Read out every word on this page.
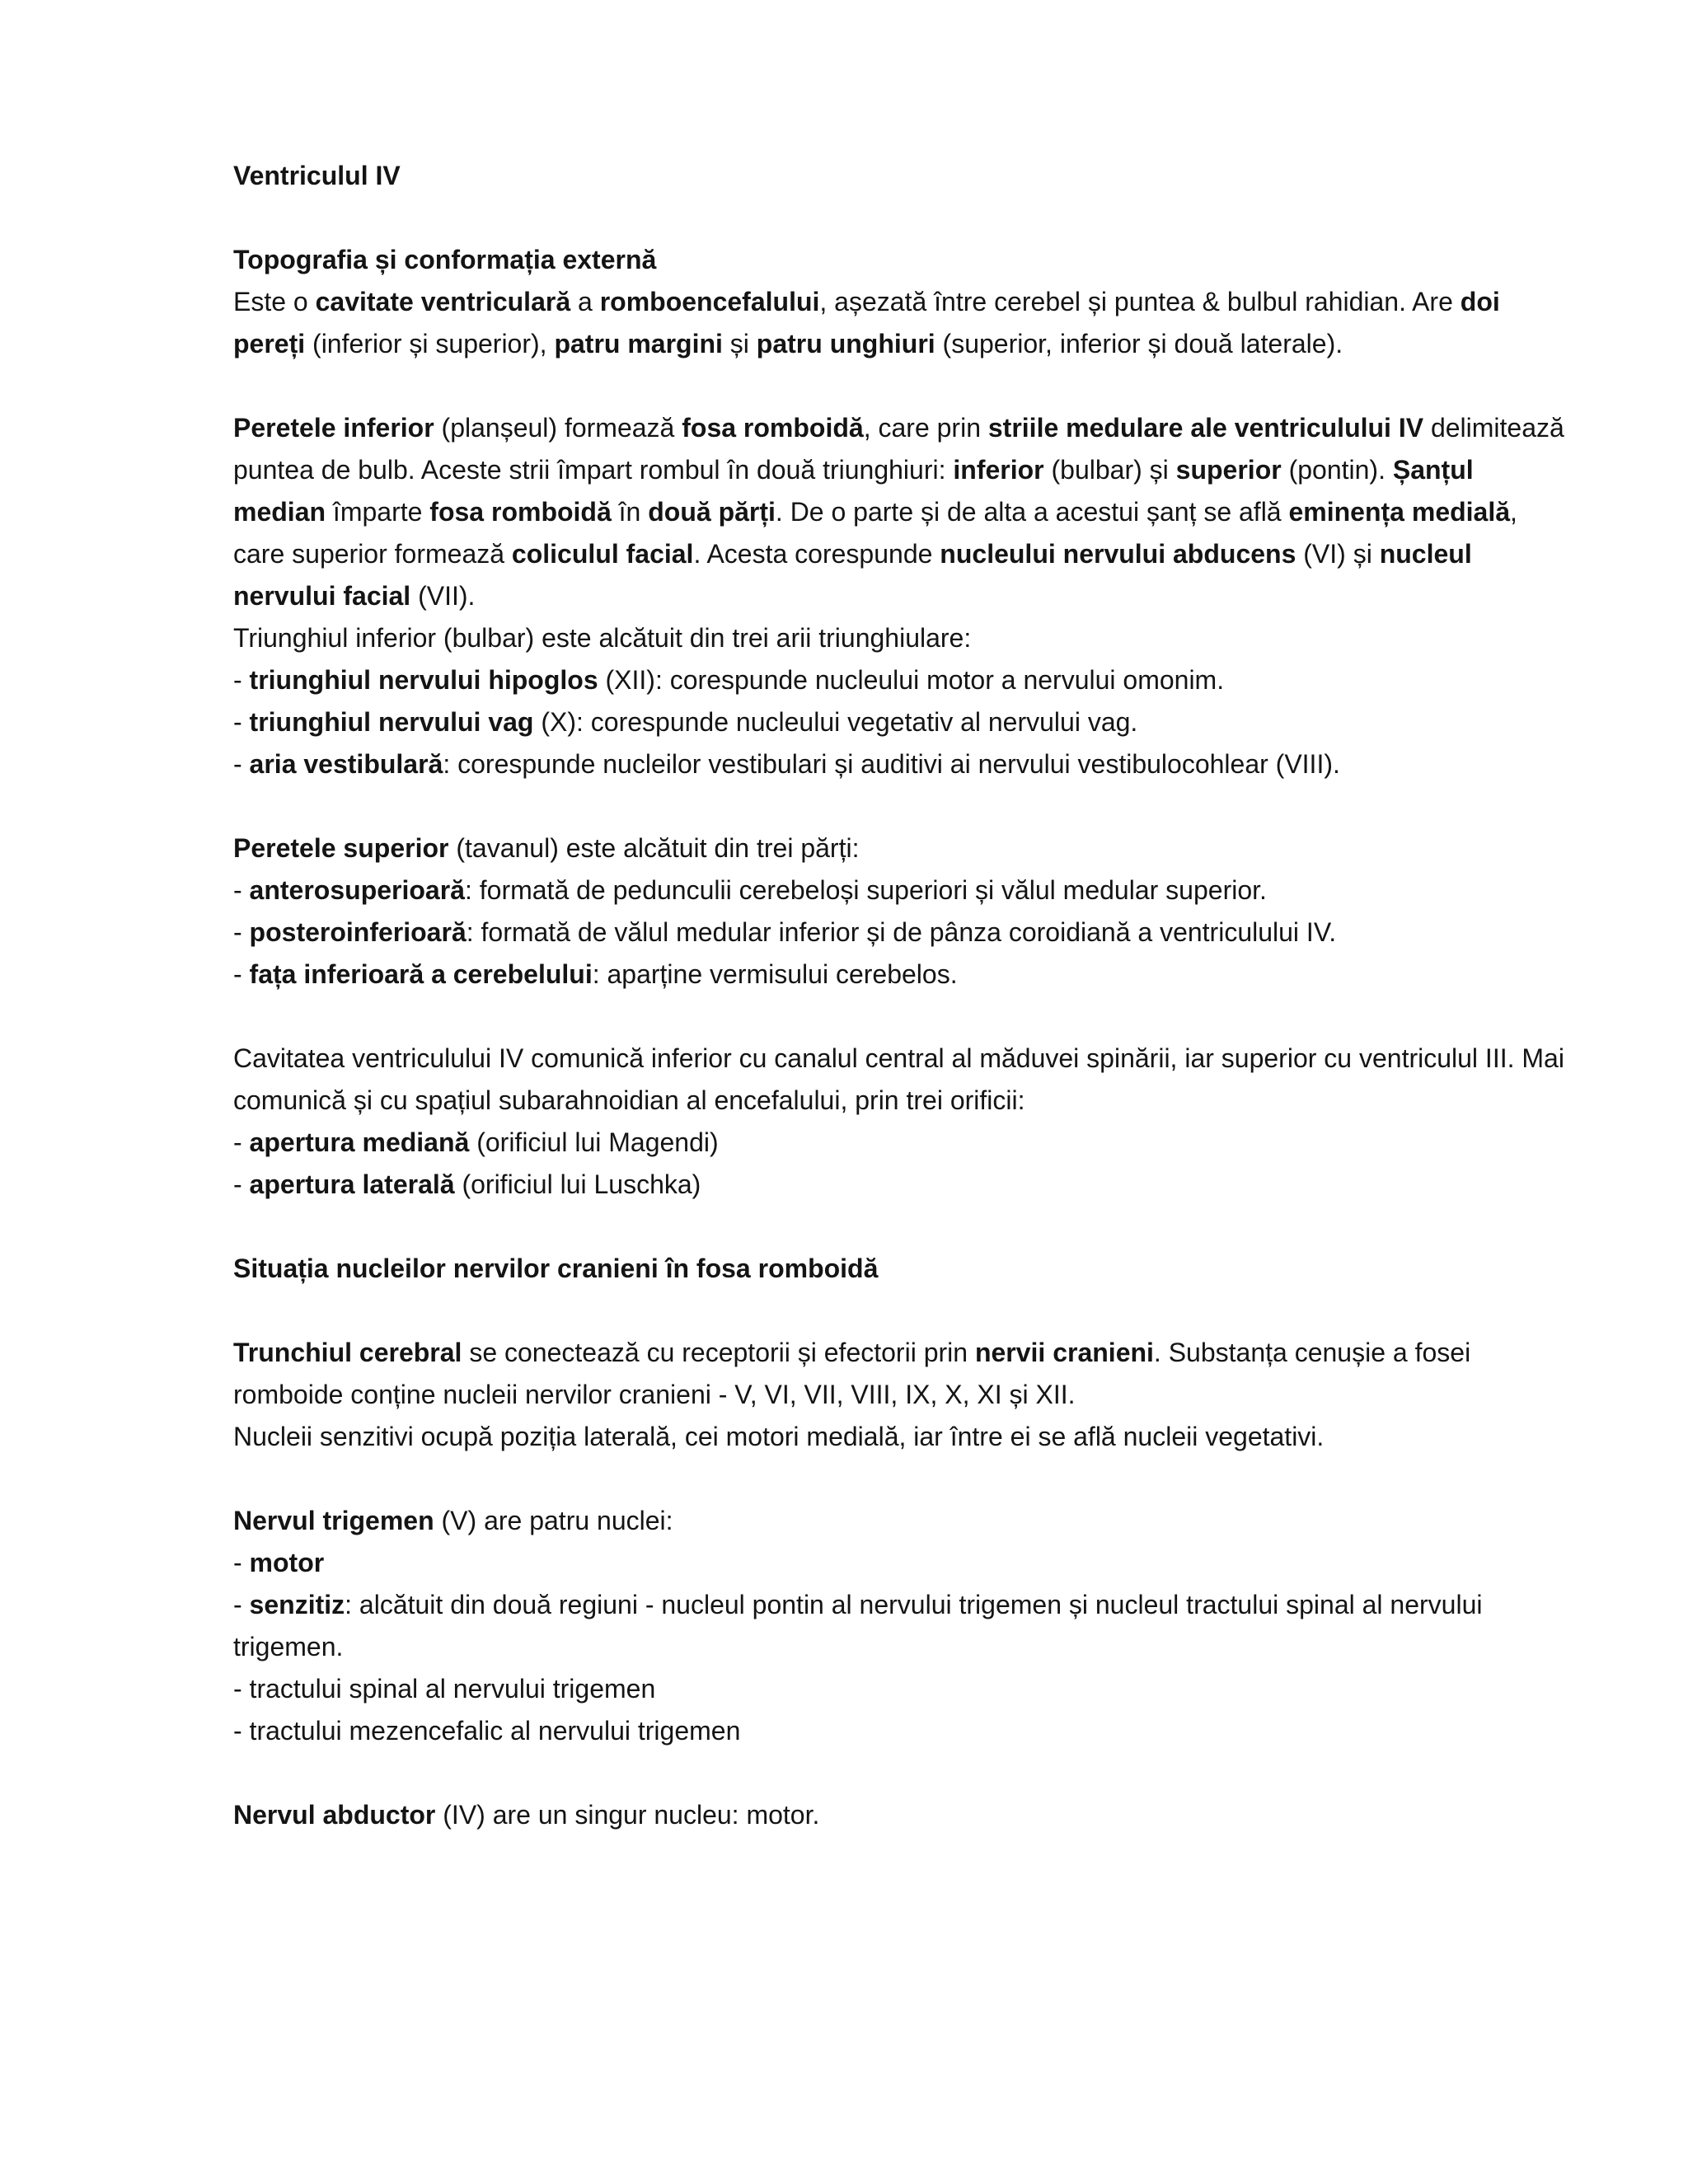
Ventriculul IV

Topografia și conformația externă

Este o cavitate ventriculară a romboencefalului, așezată între cerebel și puntea & bulbul rahidian. Are doi pereți (inferior și superior), patru margini și patru unghiuri (superior, inferior și două laterale).

Peretele inferior (planșeul) formează fosa romboidă, care prin striile medulare ale ventriculului IV delimitează puntea de bulb. Aceste strii împart rombul în două triunghiuri: inferior (bulbar) și superior (pontin). Șanțul median împarte fosa romboidă în două părți. De o parte și de alta a acestui șanț se află eminența medială, care superior formează coliculul facial. Acesta corespunde nucleului nervului abducens (VI) și nucleul nervului facial (VII).

Triunghiul inferior (bulbar) este alcătuit din trei arii triunghiulare:

- triunghiul nervului hipoglos (XII): corespunde nucleului motor a nervului omonim.

- triunghiul nervului vag (X): corespunde nucleului vegetativ al nervului vag.

- aria vestibulară: corespunde nucleilor vestibulari și auditivi ai nervului vestibulocohlear (VIII).

Peretele superior (tavanul) este alcătuit din trei părți:

- anterosuperioară: formată de pedunculii cerebeloși superiori și vălul medular superior.

- posteroinferioară: formată de vălul medular inferior și de pânza coroidiană a ventriculului IV.

- fața inferioară a cerebelului: aparține vermisului cerebelos.

Cavitatea ventriculului IV comunică inferior cu canalul central al măduvei spinării, iar superior cu ventriculul III. Mai comunică și cu spațiul subarahnoidian al encefalului, prin trei orificii:

- apertura mediană (orificiul lui Magendi)

- apertura laterală (orificiul lui Luschka)

Situația nucleilor nervilor cranieni în fosa romboidă

Trunchiul cerebral se conectează cu receptorii și efectorii prin nervii cranieni. Substanța cenușie a fosei romboide conține nucleii nervilor cranieni - V, VI, VII, VIII, IX, X, XI și XII.

Nucleii senzitivi ocupă poziția laterală, cei motori medială, iar între ei se află nucleii vegetativi.

Nervul trigemen (V) are patru nuclei:

- motor

- senzitiz: alcătuit din două regiuni - nucleul pontin al nervului trigemen și nucleul tractului spinal al nervului trigemen.

- tractului spinal al nervului trigemen

- tractului mezencefalic al nervului trigemen

Nervul abductor (IV) are un singur nucleu: motor.
